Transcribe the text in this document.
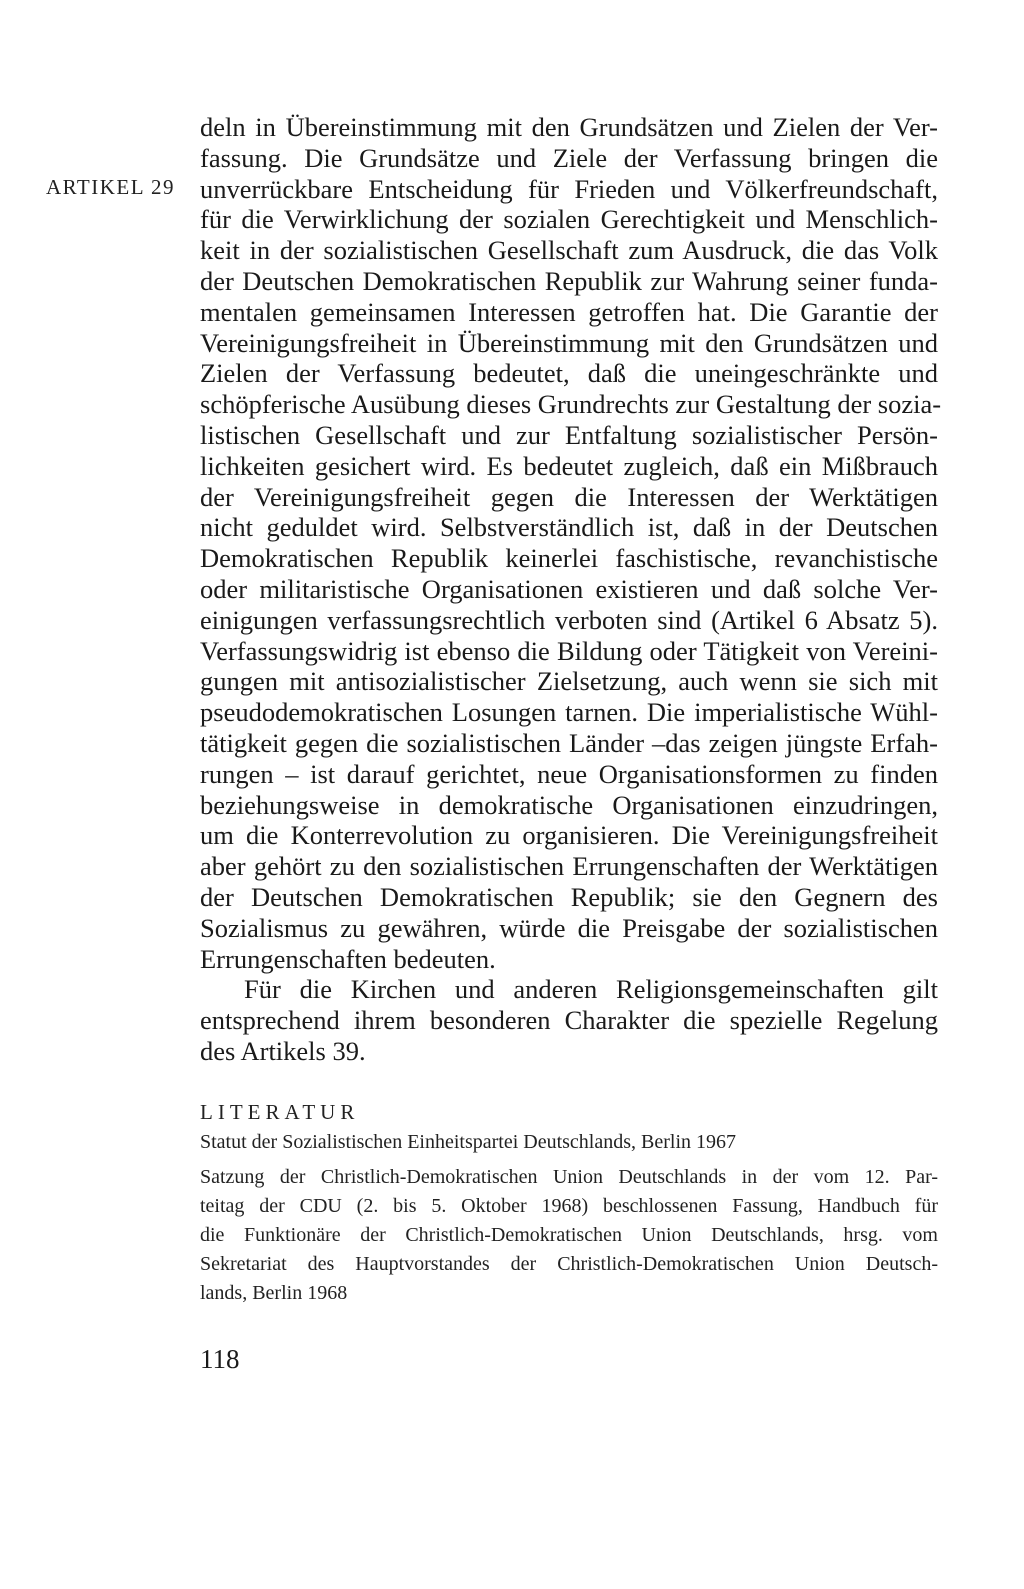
ARTIKEL 29
deln in Übereinstimmung mit den Grundsätzen und Zielen der Ver-
fassung. Die Grundsätze und Ziele der Verfassung bringen die
unverrückbare Entscheidung für Frieden und Völkerfreundschaft,
für die Verwirklichung der sozialen Gerechtigkeit und Menschlich-
keit in der sozialistischen Gesellschaft zum Ausdruck, die das Volk
der Deutschen Demokratischen Republik zur Wahrung seiner funda-
mentalen gemeinsamen Interessen getroffen hat. Die Garantie der
Vereinigungsfreiheit in Übereinstimmung mit den Grundsätzen und
Zielen der Verfassung bedeutet, daß die uneingeschränkte und
schöpferische Ausübung dieses Grundrechts zur Gestaltung der sozia-
listischen Gesellschaft und zur Entfaltung sozialistischer Persön-
lichkeiten gesichert wird. Es bedeutet zugleich, daß ein Mißbrauch
der Vereinigungsfreiheit gegen die Interessen der Werktätigen
nicht geduldet wird. Selbstverständlich ist, daß in der Deutschen
Demokratischen Republik keinerlei faschistische, revanchistische
oder militaristische Organisationen existieren und daß solche Ver-
einigungen verfassungsrechtlich verboten sind (Artikel 6 Absatz 5).
Verfassungswidrig ist ebenso die Bildung oder Tätigkeit von Vereini-
gungen mit antisozialistischer Zielsetzung, auch wenn sie sich mit
pseudodemokratischen Losungen tarnen. Die imperialistische Wühl-
tätigkeit gegen die sozialistischen Länder –das zeigen jüngste Erfah-
rungen – ist darauf gerichtet, neue Organisationsformen zu finden
beziehungsweise in demokratische Organisationen einzudringen,
um die Konterrevolution zu organisieren. Die Vereinigungsfreiheit
aber gehört zu den sozialistischen Errungenschaften der Werktätigen
der Deutschen Demokratischen Republik; sie den Gegnern des
Sozialismus zu gewähren, würde die Preisgabe der sozialistischen
Errungenschaften bedeuten.
Für die Kirchen und anderen Religionsgemeinschaften gilt
entsprechend ihrem besonderen Charakter die spezielle Regelung
des Artikels 39.
LITERATUR
Statut der Sozialistischen Einheitspartei Deutschlands, Berlin 1967
Satzung der Christlich-Demokratischen Union Deutschlands in der vom 12. Par-
teitag der CDU (2. bis 5. Oktober 1968) beschlossenen Fassung, Handbuch für
die Funktionäre der Christlich-Demokratischen Union Deutschlands, hrsg. vom
Sekretariat des Hauptvorstandes der Christlich-Demokratischen Union Deutsch-
lands, Berlin 1968
118
